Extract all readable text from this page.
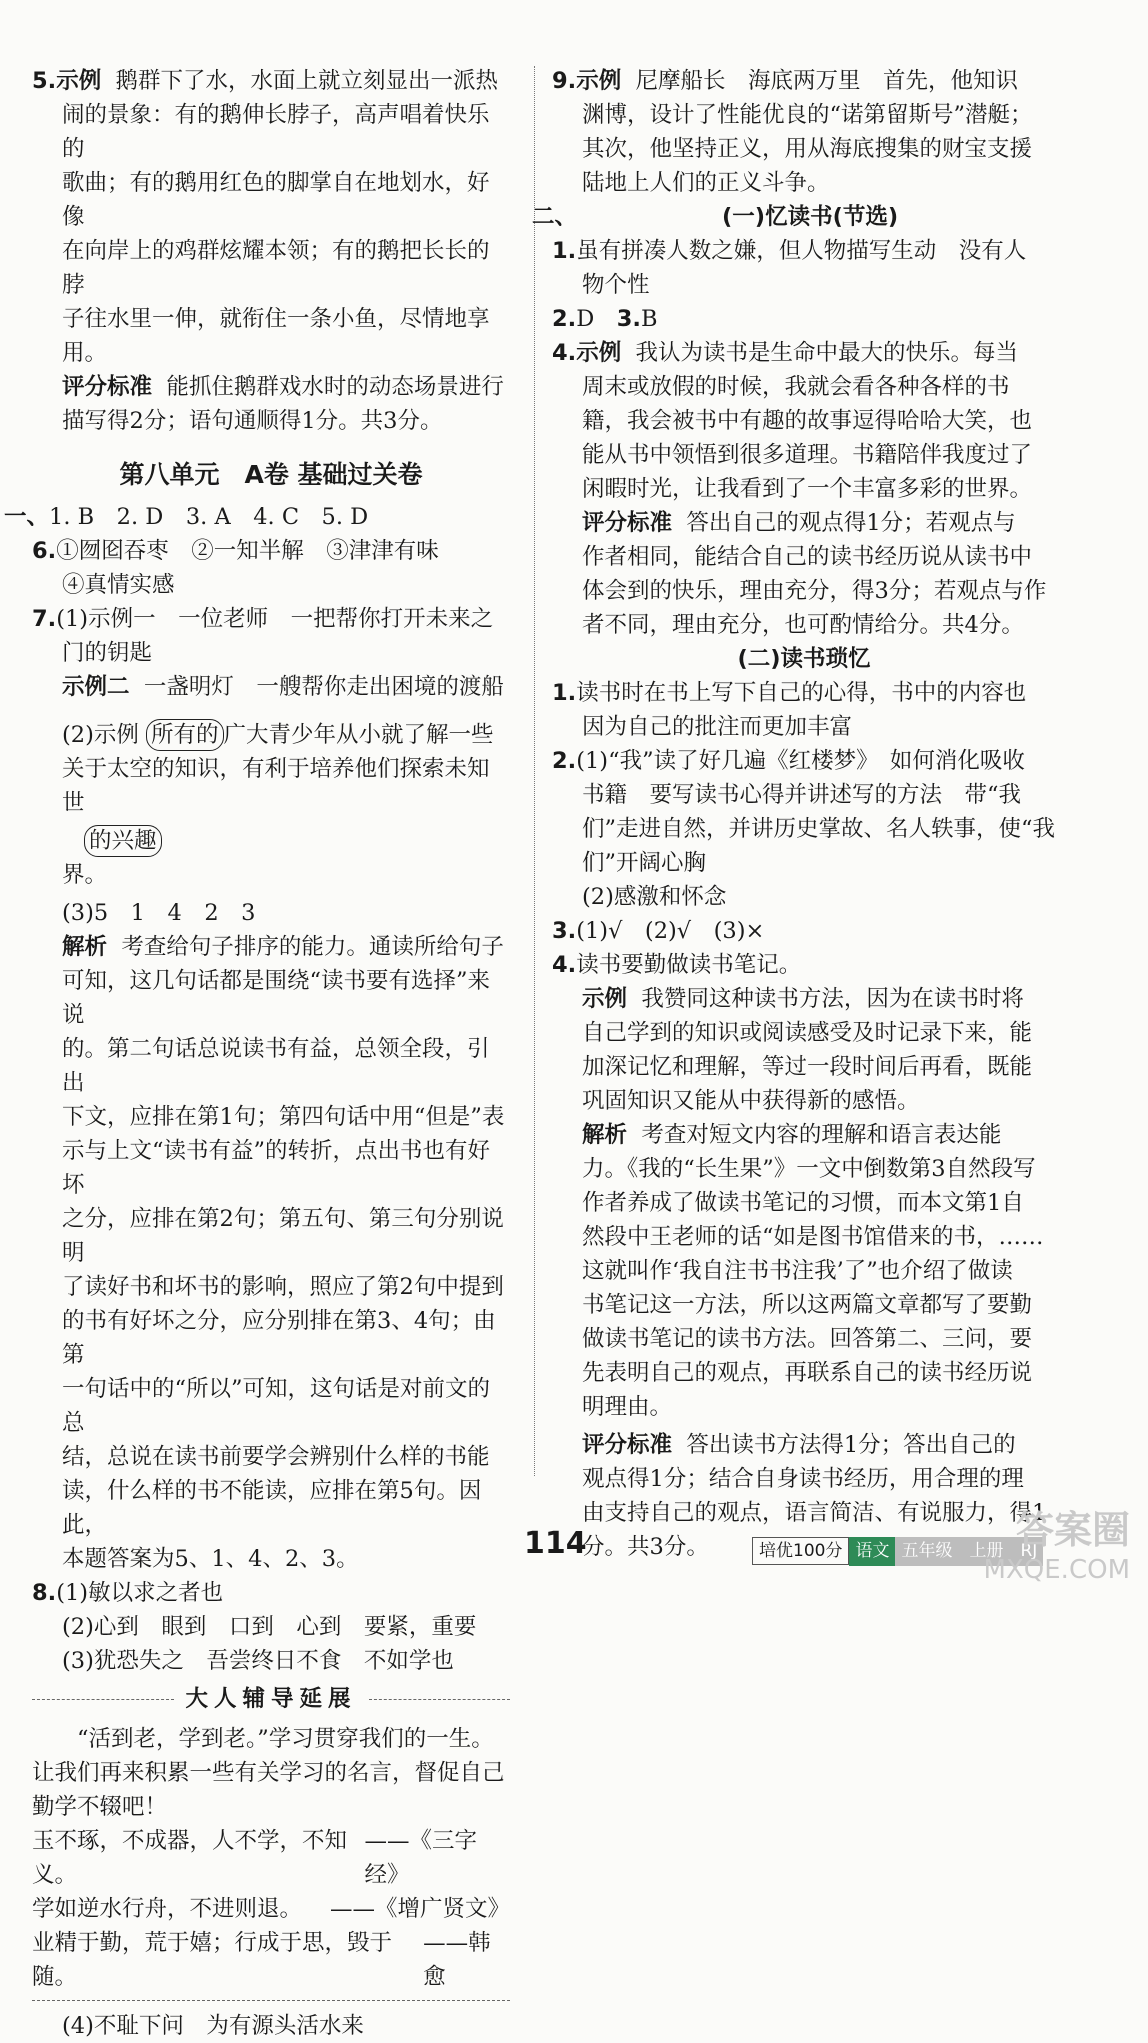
5.示例 鹅群下了水，水面上就立刻显出一派热
闹的景象：有的鹅伸长脖子，高声唱着快乐的
歌曲；有的鹅用红色的脚掌自在地划水，好像
在向岸上的鸡群炫耀本领；有的鹅把长长的脖
子往水里一伸，就衔住一条小鱼，尽情地享用。
评分标准 能抓住鹅群戏水时的动态场景进行
描写得2分；语句通顺得1分。共3分。
第八单元　A卷 基础过关卷
一、1. B　2. D　3. A　4. C　5. D
6.①囫囵吞枣　②一知半解　③津津有味
④真情实感
7.(1)示例一　一位老师　一把帮你打开未来之
门的钥匙
示例二 一盏明灯　一艘帮你走出困境的渡船
(2)示例 所有的 广大青少年从小就了解一些
关于太空的知识，有利于培养他们探索未知世
的兴趣
界。
(3)5　1　4　2　3
解析 考查给句子排序的能力。通读所给句子
可知，这几句话都是围绕“读书要有选择”来说
的。第二句话总说读书有益，总领全段，引出
下文，应排在第1句；第四句话中用“但是”表
示与上文“读书有益”的转折，点出书也有好坏
之分，应排在第2句；第五句、第三句分别说明
了读好书和坏书的影响，照应了第2句中提到
的书有好坏之分，应分别排在第3、4句；由第
一句话中的“所以”可知，这句话是对前文的总
结，总说在读书前要学会辨别什么样的书能
读，什么样的书不能读，应排在第5句。因此，
本题答案为5、1、4、2、3。
8.(1)敏以求之者也
(2)心到　眼到　口到　心到　要紧，重要
(3)犹恐失之　吾尝终日不食　不如学也
大人辅导延展
“活到老，学到老。”学习贯穿我们的一生。
让我们再来积累一些有关学习的名言，督促自己
勤学不辍吧！
玉不琢，不成器，人不学，不知义。
——《三字经》
学如逆水行舟，不进则退。 ——《增广贤文》
业精于勤，荒于嬉；行成于思，毁于随。
——韩愈
(4)不耻下问　为有源头活水来
9.示例 尼摩船长　海底两万里　首先，他知识
渊博，设计了性能优良的“诺第留斯号”潜艇；
其次，他坚持正义，用从海底搜集的财宝支援
陆地上人们的正义斗争。
二、	(一)忆读书(节选)
1.虽有拼凑人数之嫌，但人物描写生动　没有人
物个性
2.D　3.B
4.示例 我认为读书是生命中最大的快乐。每当
周末或放假的时候，我就会看各种各样的书
籍，我会被书中有趣的故事逗得哈哈大笑，也
能从书中领悟到很多道理。书籍陪伴我度过了
闲暇时光，让我看到了一个丰富多彩的世界。
评分标准 答出自己的观点得1分；若观点与
作者相同，能结合自己的读书经历说从读书中
体会到的快乐，理由充分，得3分；若观点与作
者不同，理由充分，也可酌情给分。共4分。
(二)读书琐忆
1.读书时在书上写下自己的心得，书中的内容也
因为自己的批注而更加丰富
2.(1)“我”读了好几遍《红楼梦》　如何消化吸收
书籍　要写读书心得并讲述写的方法　带“我
们”走进自然，并讲历史掌故、名人轶事，使“我
们”开阔心胸
(2)感激和怀念
3.(1)√　(2)√　(3)×
4.读书要勤做读书笔记。
示例 我赞同这种读书方法，因为在读书时将
自己学到的知识或阅读感受及时记录下来，能
加深记忆和理解，等过一段时间后再看，既能
巩固知识又能从中获得新的感悟。
解析 考查对短文内容的理解和语言表达能
力。《我的“长生果”》一文中倒数第3自然段写
作者养成了做读书笔记的习惯，而本文第1自
然段中王老师的话“如是图书馆借来的书，……
这就叫作‘我自注书书注我’了”也介绍了做读
书笔记这一方法，所以这两篇文章都写了要勤
做读书笔记的读书方法。回答第二、三问，要
先表明自己的观点，再联系自己的读书经历说
明理由。
评分标准 答出读书方法得1分；答出自己的
观点得1分；结合自身读书经历，用合理的理
由支持自己的观点，语言简洁、有说服力，得1
分。共3分。
114	培优100分 语文 五年级　上册　RJ
答案圈
MXQE.COM
